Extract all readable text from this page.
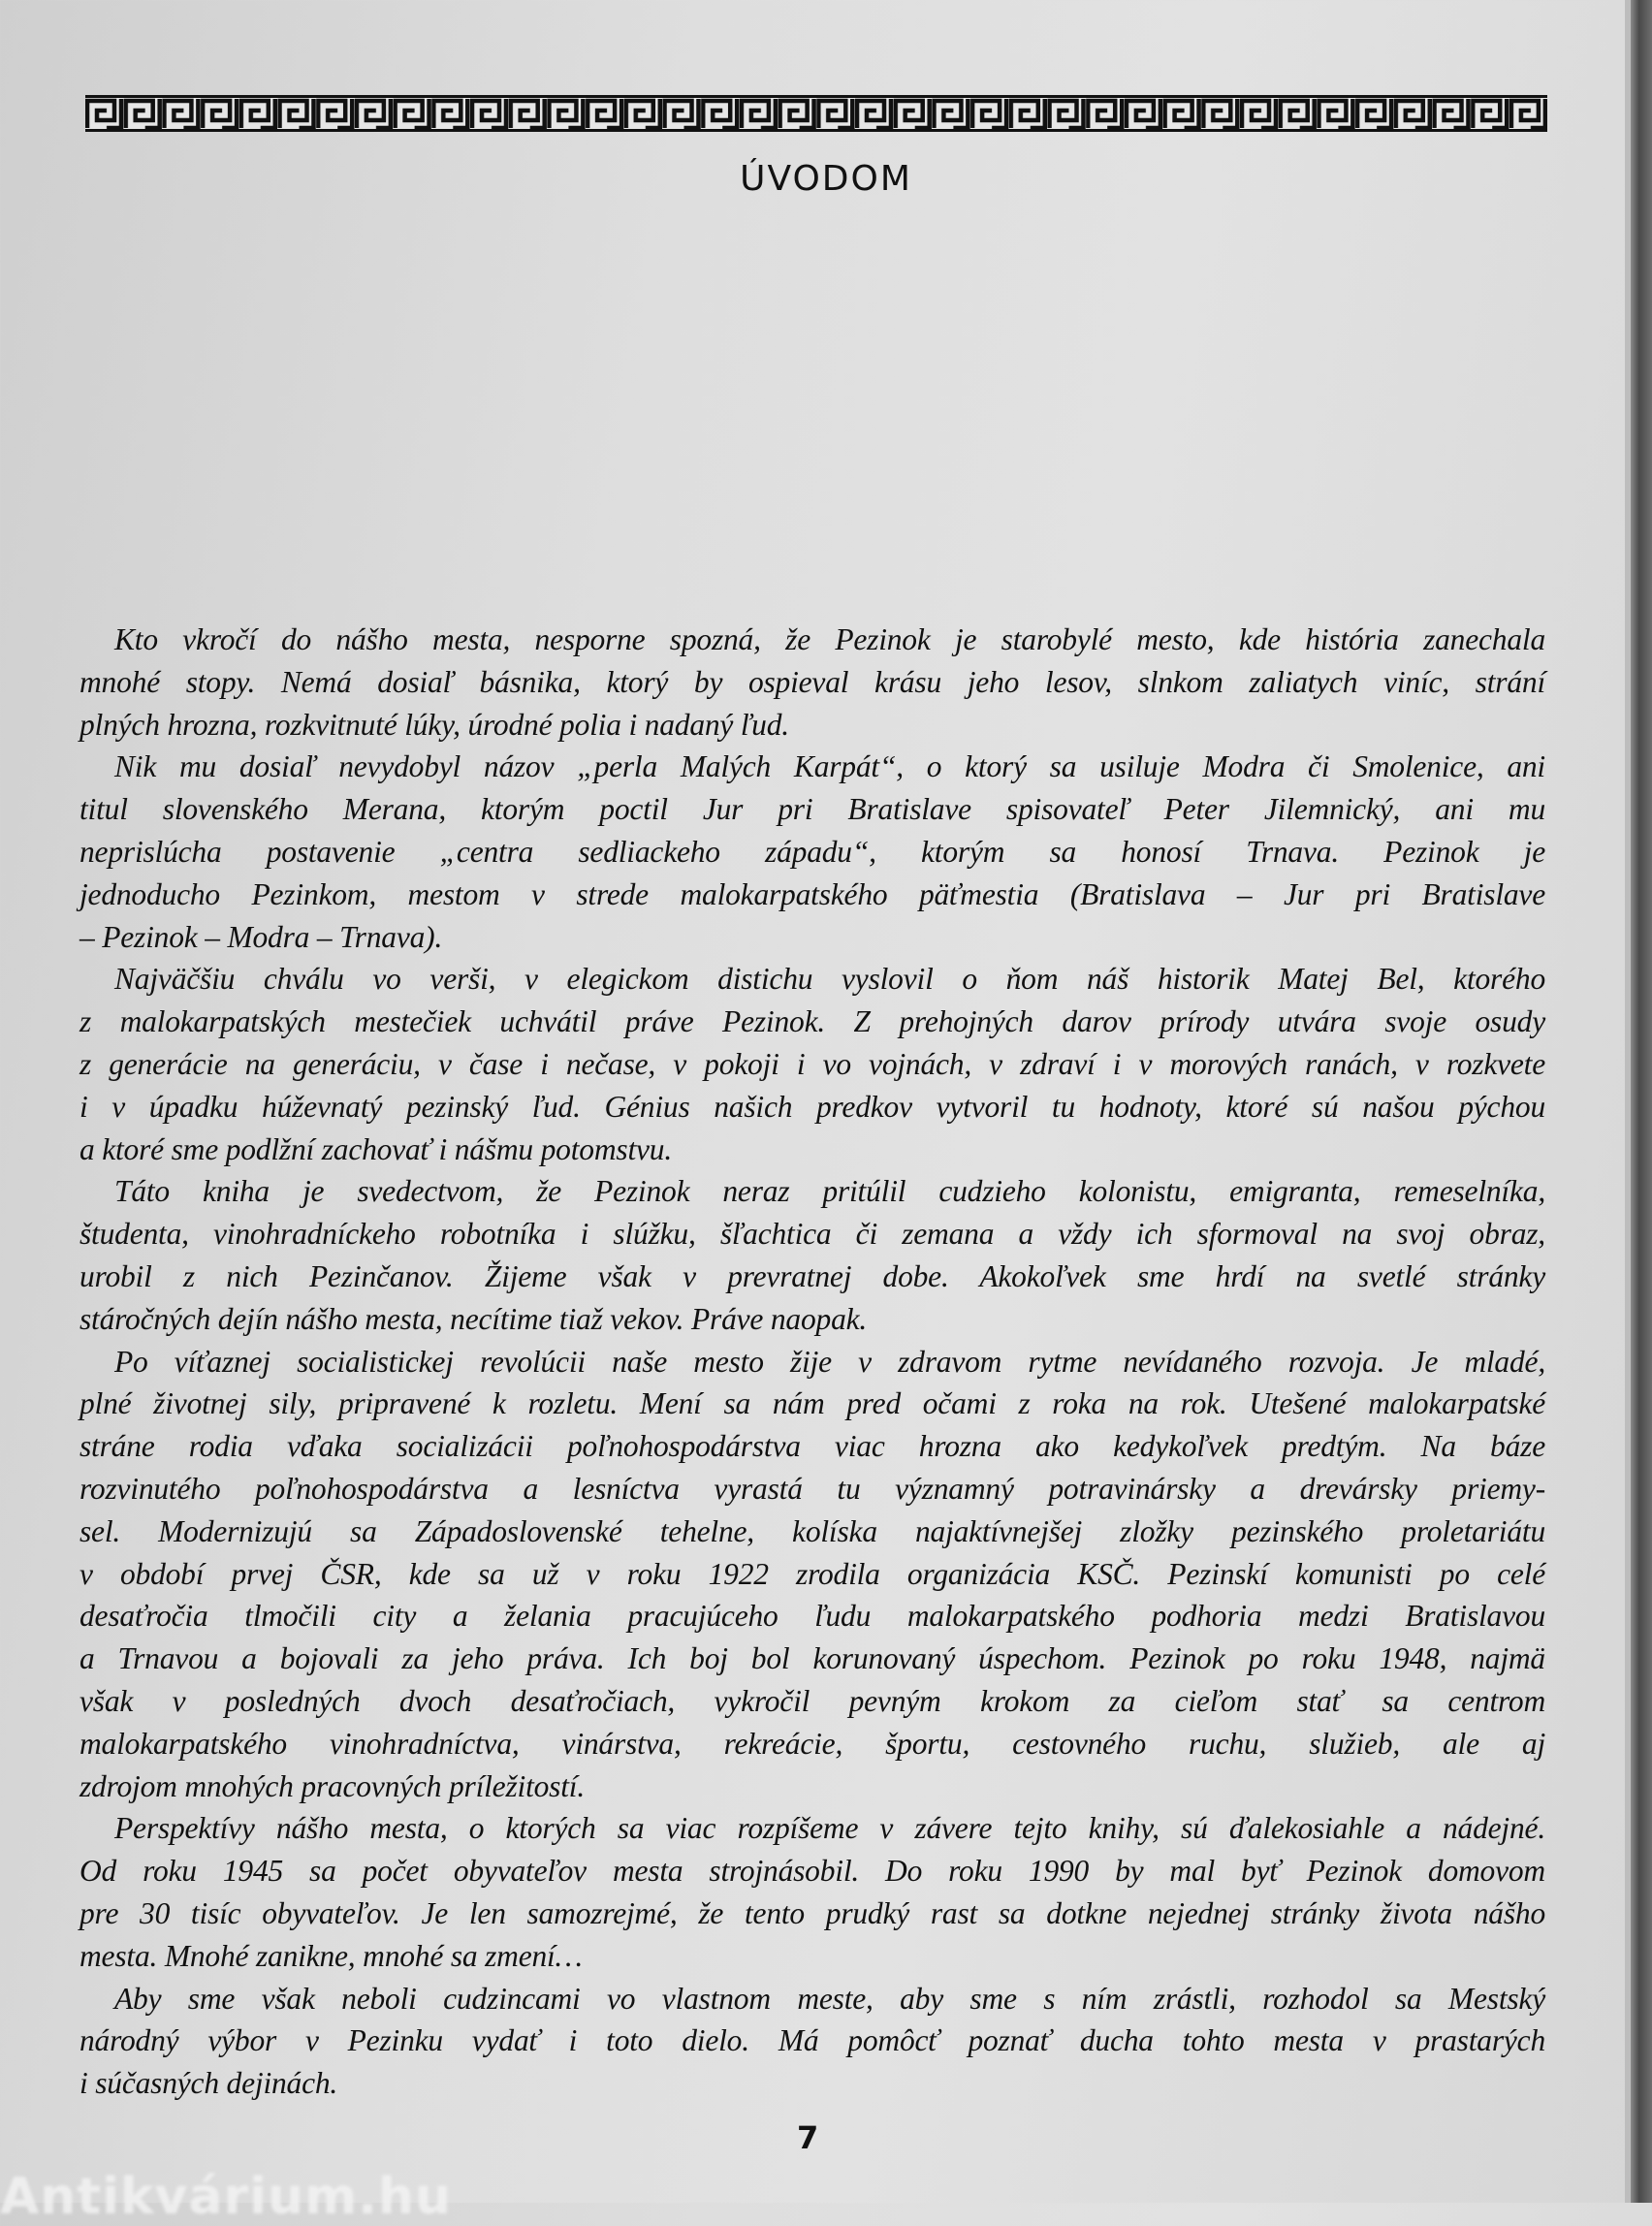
ÚVODOM
Kto vkročí do nášho mesta, nesporne spozná, že Pezinok je starobylé mesto, kde história zanechala
mnohé stopy. Nemá dosiaľ básnika, ktorý by ospieval krásu jeho lesov, slnkom zaliatych viníc, strání
plných hrozna, rozkvitnuté lúky, úrodné polia i nadaný ľud.
Nik mu dosiaľ nevydobyl názov „perla Malých Karpát“, o ktorý sa usiluje Modra či Smolenice, ani
titul slovenského Merana, ktorým poctil Jur pri Bratislave spisovateľ Peter Jilemnický, ani mu
neprislúcha postavenie „centra sedliackeho západu“, ktorým sa honosí Trnava. Pezinok je
jednoducho Pezinkom, mestom v strede malokarpatského päťmestia (Bratislava – Jur pri Bratislave
– Pezinok – Modra – Trnava).
Najväčšiu chválu vo verši, v elegickom distichu vyslovil o ňom náš historik Matej Bel, ktorého
z malokarpatských mestečiek uchvátil práve Pezinok. Z prehojných darov prírody utvára svoje osudy
z generácie na generáciu, v čase i nečase, v pokoji i vo vojnách, v zdraví i v morových ranách, v rozkvete
i v úpadku húževnatý pezinský ľud. Génius našich predkov vytvoril tu hodnoty, ktoré sú našou pýchou
a ktoré sme podlžní zachovať i nášmu potomstvu.
Táto kniha je svedectvom, že Pezinok neraz pritúlil cudzieho kolonistu, emigranta, remeselníka,
študenta, vinohradníckeho robotníka i slúžku, šľachtica či zemana a vždy ich sformoval na svoj obraz,
urobil z nich Pezinčanov. Žijeme však v prevratnej dobe. Akokoľvek sme hrdí na svetlé stránky
stáročných dejín nášho mesta, necítime tiaž vekov. Práve naopak.
Po víťaznej socialistickej revolúcii naše mesto žije v zdravom rytme nevídaného rozvoja. Je mladé,
plné životnej sily, pripravené k rozletu. Mení sa nám pred očami z roka na rok. Utešené malokarpatské
stráne rodia vďaka socializácii poľnohospodárstva viac hrozna ako kedykoľvek predtým. Na báze
rozvinutého poľnohospodárstva a lesníctva vyrastá tu významný potravinársky a drevársky priemy-
sel. Modernizujú sa Západoslovenské tehelne, kolíska najaktívnejšej zložky pezinského proletariátu
v období prvej ČSR, kde sa už v roku 1922 zrodila organizácia KSČ. Pezinskí komunisti po celé
desaťročia tlmočili city a želania pracujúceho ľudu malokarpatského podhoria medzi Bratislavou
a Trnavou a bojovali za jeho práva. Ich boj bol korunovaný úspechom. Pezinok po roku 1948, najmä
však v posledných dvoch desaťročiach, vykročil pevným krokom za cieľom stať sa centrom
malokarpatského vinohradníctva, vinárstva, rekreácie, športu, cestovného ruchu, služieb, ale aj
zdrojom mnohých pracovných príležitostí.
Perspektívy nášho mesta, o ktorých sa viac rozpíšeme v závere tejto knihy, sú ďalekosiahle a nádejné.
Od roku 1945 sa počet obyvateľov mesta strojnásobil. Do roku 1990 by mal byť Pezinok domovom
pre 30 tisíc obyvateľov. Je len samozrejmé, že tento prudký rast sa dotkne nejednej stránky života nášho
mesta. Mnohé zanikne, mnohé sa zmení…
Aby sme však neboli cudzincami vo vlastnom meste, aby sme s ním zrástli, rozhodol sa Mestský
národný výbor v Pezinku vydať i toto dielo. Má pomôcť poznať ducha tohto mesta v prastarých
i súčasných dejinách.
7
Antikvárium.hu
